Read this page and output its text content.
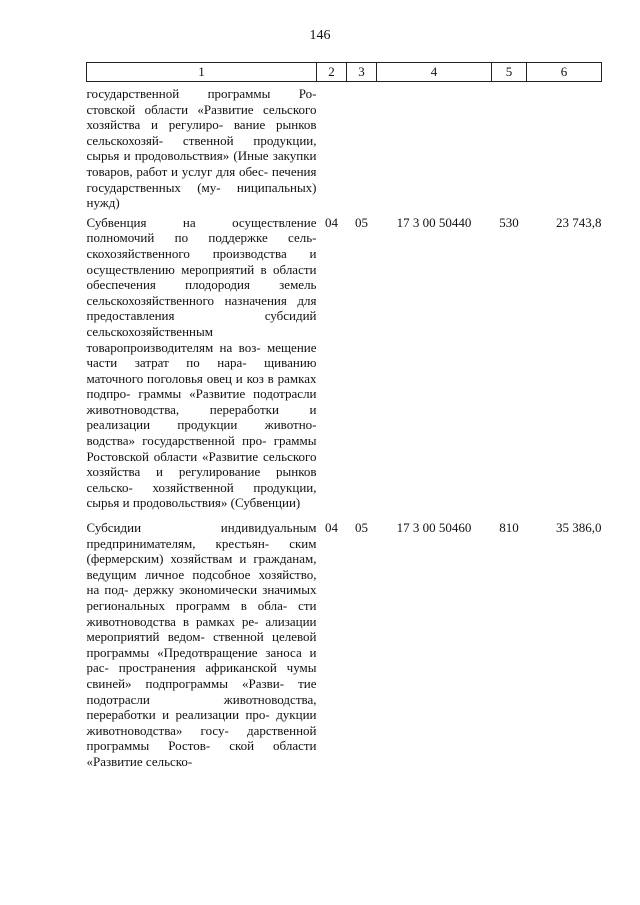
146
1	2	3	4	5	6
государственной программы Ро- стовской области «Развитие сельского хозяйства и регулиро- вание рынков сельскохозяй- ственной продукции, сырья и продовольствия» (Иные закупки товаров, работ и услуг для обес- печения государственных (му- ниципальных) нужд)					
Субвенция на осуществление полномочий по поддержке сель- скохозяйственного производства и осуществлению мероприятий в области обеспечения плодородия земель сельскохозяйственного назначения для предоставления субсидий сельскохозяйственным товаропроизводителям на воз- мещение части затрат по нара- щиванию маточного поголовья овец и коз в рамках подпро- граммы «Развитие подотрасли животноводства, переработки и реализации продукции животно- водства» государственной про- граммы Ростовской области «Развитие сельского хозяйства и регулирование рынков сельско- хозяйственной продукции, сырья и продовольствия» (Субвенции)	04	05	17 3 00 50440	530	23 743,8
Субсидии индивидуальным предпринимателям, крестьян- ским (фермерским) хозяйствам и гражданам, ведущим личное подсобное хозяйство, на под- держку экономически значимых региональных программ в обла- сти животноводства в рамках ре- ализации мероприятий ведом- ственной целевой программы «Предотвращение заноса и рас- пространения африканской чумы свиней» подпрограммы «Разви- тие подотрасли животноводства, переработки и реализации про- дукции животноводства» госу- дарственной программы Ростов- ской области «Развитие сельско-	04	05	17 3 00 50460	810	35 386,0
